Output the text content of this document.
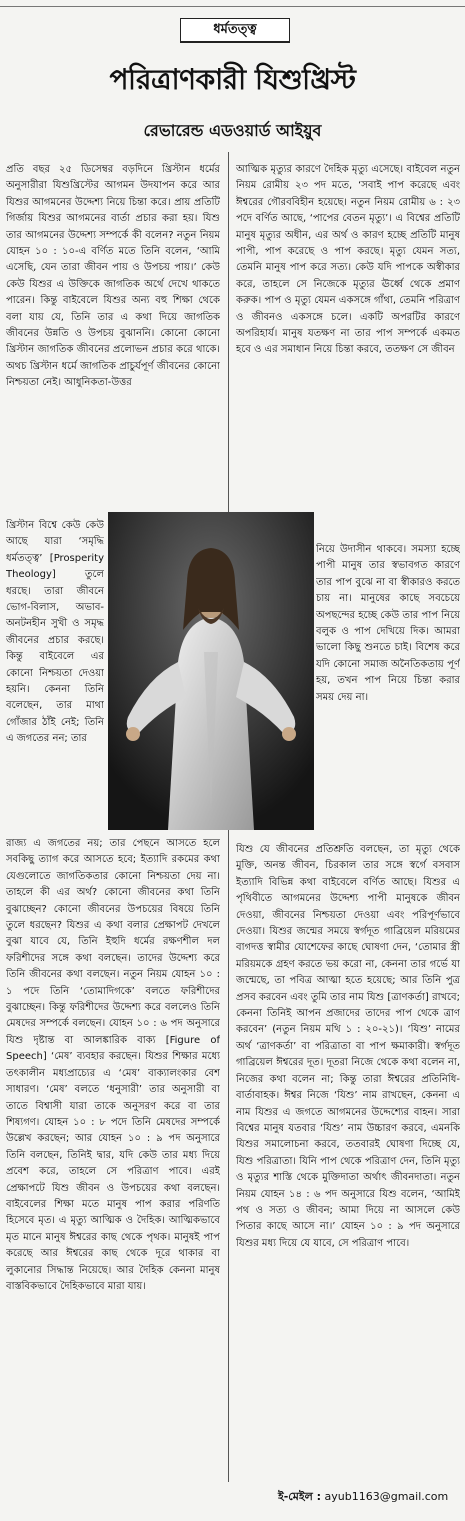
ধর্মতত্ত্ব
পরিত্রাণকারী যিশুখ্রিস্ট
রেভারেন্ড এডওয়ার্ড আইয়ুব

প্রতি বছর ২৫ ডিসেম্বর বড়দিনে খ্রিস্টান ধর্মের অনুসারীরা যিশুখ্রিস্টের আগমন উদযাপন করে আর যিশুর আগমনের উদ্দেশ্য নিয়ে চিন্তা করে। প্রায় প্রতিটি গির্জায় যিশুর আগমনের বার্তা প্রচার করা হয়। যিশু তার আগমনের উদ্দেশ্য সম্পর্কে কী বলেন? নতুন নিয়ম যোহন ১০ : ১০-এ বর্ণিত মতে তিনি বলেন, ‘আমি এসেছি, যেন তারা জীবন পায় ও উপচয় পায়।’ কেউ কেউ যিশুর এ উক্তিকে জাগতিক অর্থে দেখে থাকতে পারেন। কিন্তু বাইবেলে যিশুর অন্য বহু শিক্ষা থেকে বলা যায় যে, তিনি তার এ কথা দিয়ে জাগতিক জীবনের উন্নতি ও উপচয় বুঝাননি। কোনো কোনো খ্রিস্টান জাগতিক জীবনের প্রলোভন প্রচার করে থাকে। অথচ খ্রিস্টান ধর্মে জাগতিক প্রাচুর্যপূর্ণ জীবনের কোনো নিশ্চয়তা নেই। আধুনিকতা-উত্তর

খ্রিস্টান বিশ্বে কেউ কেউ আছে যারা ‘সমৃদ্ধি ধর্মতত্ত্ব’ [Prosperity Theology] তুলে ধরছে। তারা জীবনে ভোগ-বিলাস, অভাব-অনটনহীন সুখী ও সমৃদ্ধ জীবনের প্রচার করছে। কিন্তু বাইবেলে এর কোনো নিশ্চয়তা দেওয়া হয়নি। কেননা তিনি বলেছেন, তার মাথা গোঁজার ঠাঁই নেই; তিনি এ জগতের নন; তার

রাজ্য এ জগতের নয়; তার পেছনে আসতে হলে সবকিছু ত্যাগ করে আসতে হবে; ইত্যাদি রকমের কথা যেগুলোতে জাগতিকতার কোনো নিশ্চয়তা দেয় না। তাহলে কী এর অর্থ? কোনো জীবনের কথা তিনি বুঝাচ্ছেন? কোনো জীবনের উপচয়ের বিষয়ে তিনি তুলে ধরছেন? যিশুর এ কথা বলার প্রেক্ষাপট দেখলে বুঝা যাবে যে, তিনি ইহুদি ধর্মের রক্ষণশীল দল ফরিশীদের সঙ্গে কথা বলছেন। তাদের উদ্দেশ্য করে তিনি জীবনের কথা বলছেন। নতুন নিয়ম যোহন ১০ : ১ পদে তিনি ‘তোমাদিগকে’ বলতে ফরিশীদের বুঝাচ্ছেন। কিন্তু ফরিশীদের উদ্দেশ্য করে বললেও তিনি মেষদের সম্পর্কে বলছেন। যোহন ১০ : ৬ পদ অনুসারে যিশু দৃষ্টান্ত বা আলঙ্কারিক বাক্য [Figure of Speech] ‘মেষ’ ব্যবহার করছেন। যিশুর শিক্ষার মধ্যে তৎকালীন মধ্যপ্রাচ্যের এ ‘মেষ’ বাক্যালংকার বেশ সাধারণ। ‘মেষ’ বলতে ‘ধনুসারী’ তার অনুসারী বা তাতে বিশ্বাসী যারা তাকে অনুসরণ করে বা তার শিষ্যগণ। যোহন ১০ : ৮ পদে তিনি মেষদের সম্পর্কে উল্লেখ করছেন; আর যোহন ১০ : ৯ পদ অনুসারে তিনি বলছেন, তিনিই দ্বার, যদি কেউ তার মধ্য দিয়ে প্রবেশ করে, তাহলে সে পরিত্রাণ পাবে। এরই প্রেক্ষাপটে যিশু জীবন ও উপচয়ের কথা বলছেন। বাইবেলের শিক্ষা মতে মানুষ পাপ করার পরিণতি হিসেবে মৃত। এ মৃত্যু আত্মিক ও দৈহিক। আত্মিকভাবে মৃত মানে মানুষ ঈশ্বরের কাছ থেকে পৃথক। মানুষই পাপ করেছে আর ঈশ্বরের কাছ থেকে দূরে থাকার বা লুকানোর সিদ্ধান্ত নিয়েছে। আর দৈহিক কেননা মানুষ বাস্তবিকভাবে দৈহিকভাবে মারা যায়।

আত্মিক মৃত্যুর কারণে দৈহিক মৃত্যু এসেছে। বাইবেল নতুন নিয়ম রোমীয় ২৩ পদ মতে, ‘সবাই পাপ করেছে এবং ঈশ্বরের গৌরববিহীন হয়েছে। নতুন নিয়ম রোমীয় ৬ : ২৩ পদে বর্ণিত আছে, ‘পাপের বেতন মৃত্যু’। এ বিশ্বের প্রতিটি মানুষ মৃত্যুর অধীন, এর অর্থ ও কারণ হচ্ছে প্রতিটি মানুষ পাপী, পাপ করেছে ও পাপ করছে। মৃত্যু যেমন সত্য, তেমনি মানুষ পাপ করে সত্য। কেউ যদি পাপকে অস্বীকার করে, তাহলে সে নিজেকে মৃত্যুর ঊর্ধ্বে থেকে প্রমাণ করুক। পাপ ও মৃত্যু যেমন একসঙ্গে গাঁথা, তেমনি পরিত্রাণ ও জীবনও একসঙ্গে চলে। একটি অপরটির কারণে অপরিহার্য। মানুষ যতক্ষণ না তার পাপ সম্পর্কে একমত হবে ও এর সমাধান নিয়ে চিন্তা করবে, ততক্ষণ সে জীবন

নিয়ে উদাসীন থাকবে। সমস্যা হচ্ছে পাপী মানুষ তার স্বভাবগত কারণে তার পাপ বুঝে না বা স্বীকারও করতে চায় না। মানুষের কাছে সবচেয়ে অপছন্দের হচ্ছে কেউ তার পাপ নিয়ে বলুক ও পাপ দেখিয়ে দিক। আমরা ভালো কিছু শুনতে চাই। বিশেষ করে যদি কোনো সমাজ অনৈতিকতায় পূর্ণ হয়, তখন পাপ নিয়ে চিন্তা করার সময় দেয় না।

যিশু যে জীবনের প্রতিশ্রুতি বলছেন, তা মৃত্যু থেকে মুক্তি, অনন্ত জীবন, চিরকাল তার সঙ্গে স্বর্গে বসবাস ইত্যাদি বিভিন্ন কথা বাইবেলে বর্ণিত আছে। যিশুর এ পৃথিবীতে আগমনের উদ্দেশ্য পাপী মানুষকে জীবন দেওয়া, জীবনের নিশ্চয়তা দেওয়া এবং পরিপূর্ণভাবে দেওয়া। যিশুর জন্মের সময়ে স্বর্গদূত গাব্রিয়েল মরিয়মের বাগদত্ত স্বামীর যোশেফের কাছে ঘোষণা দেন, ‘তোমার স্ত্রী মরিয়মকে গ্রহণ করতে ভয় করো না, কেননা তার গর্ভে যা জন্মেছে, তা পবিত্র আত্মা হতে হয়েছে; আর তিনি পুত্র প্রসব করবেন এবং তুমি তার নাম যিশু [ত্রাণকর্তা] রাখবে; কেননা তিনিই আপন প্রজাদের তাদের পাপ থেকে ত্রাণ করবেন’ (নতুন নিয়ম মথি ১ : ২০-২১)। ‘যিশু’ নামের অর্থ ‘ত্রাণকর্তা’ বা পরিত্রাতা বা পাপ ক্ষমাকারী। স্বর্গদূত গাব্রিয়েল ঈশ্বরের দূত। দূতরা নিজে থেকে কথা বলেন না, নিজের কথা বলেন না; কিন্তু তারা ঈশ্বরের প্রতিনিধি-বার্তাবাহক। ঈশ্বর নিজে ‘যিশু’ নাম রাখছেন, কেননা এ নাম যিশুর এ জগতে আগমনের উদ্দেশ্যের বাহন। সারা বিশ্বের মানুষ যতবার ‘যিশু’ নাম উচ্চারণ করবে, এমনকি যিশুর সমালোচনা করবে, ততবারই ঘোষণা দিচ্ছে যে, যিশু পরিত্রাতা। যিনি পাপ থেকে পরিত্রাণ দেন, তিনি মৃত্যু ও মৃত্যুর শাস্তি থেকে মুক্তিদাতা অর্থাৎ জীবনদাতা। নতুন নিয়ম যোহন ১৪ : ৬ পদ অনুসারে যিশু বলেন, ‘আমিই পথ ও সত্য ও জীবন; আমা দিয়ে না আসলে কেউ পিতার কাছে আসে না।’ যোহন ১০ : ৯ পদ অনুসারে যিশুর মধ্য দিয়ে যে যাবে, সে পরিত্রাণ পাবে।

ই-মেইল : ayub1163@gmail.com
